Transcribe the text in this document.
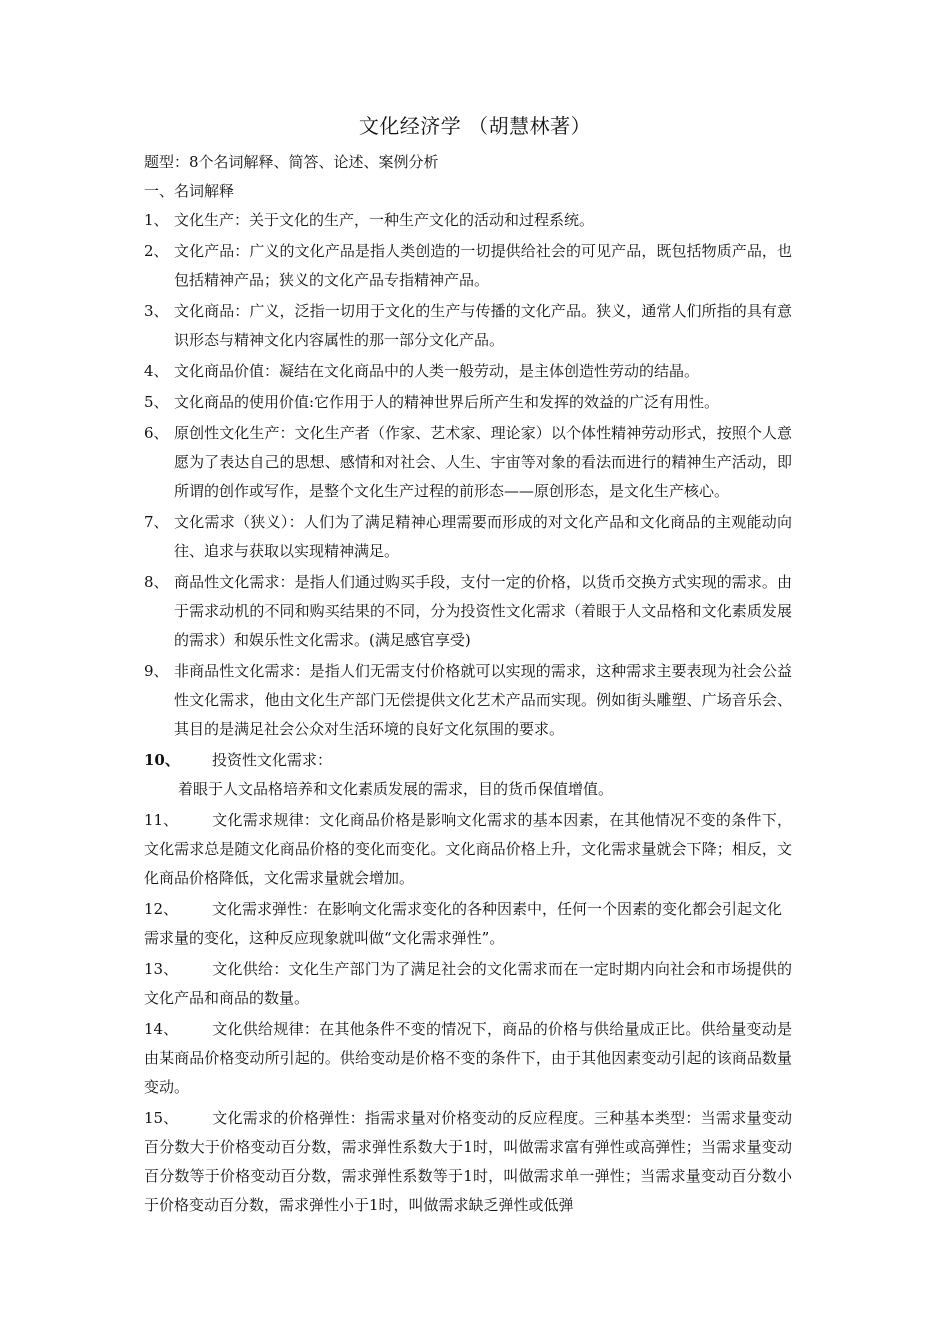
文化经济学 （胡慧林著）

题型：8个名词解释、简答、论述、案例分析

一、名词解释

1、 文化生产：关于文化的生产，一种生产文化的活动和过程系统。
2、 文化产品：广义的文化产品是指人类创造的一切提供给社会的可见产品，既包括物质产品，也包括精神产品；狭义的文化产品专指精神产品。
3、 文化商品：广义，泛指一切用于文化的生产与传播的文化产品。狭义，通常人们所指的具有意识形态与精神文化内容属性的那一部分文化产品。
4、 文化商品价值：凝结在文化商品中的人类一般劳动，是主体创造性劳动的结晶。
5、 文化商品的使用价值:它作用于人的精神世界后所产生和发挥的效益的广泛有用性。
6、 原创性文化生产：文化生产者（作家、艺术家、理论家）以个体性精神劳动形式，按照个人意愿为了表达自己的思想、感情和对社会、人生、宇宙等对象的看法而进行的精神生产活动，即所谓的创作或写作，是整个文化生产过程的前形态——原创形态，是文化生产核心。
7、 文化需求（狭义）：人们为了满足精神心理需要而形成的对文化产品和文化商品的主观能动向往、追求与获取以实现精神满足。
8、 商品性文化需求：是指人们通过购买手段，支付一定的价格，以货币交换方式实现的需求。由于需求动机的不同和购买结果的不同，分为投资性文化需求（着眼于人文品格和文化素质发展的需求）和娱乐性文化需求。(满足感官享受)
9、 非商品性文化需求：是指人们无需支付价格就可以实现的需求，这种需求主要表现为社会公益性文化需求，他由文化生产部门无偿提供文化艺术产品而实现。例如街头雕塑、广场音乐会、其目的是满足社会公众对生活环境的良好文化氛围的要求。
10、	投资性文化需求：

着眼于人文品格培养和文化素质发展的需求，目的货币保值增值。

11、 文化需求规律：文化商品价格是影响文化需求的基本因素，在其他情况不变的条件下，文化需求总是随文化商品价格的变化而变化。文化商品价格上升，文化需求量就会下降；相反，文化商品价格降低，文化需求量就会增加。

12、 文化需求弹性：在影响文化需求变化的各种因素中，任何一个因素的变化都会引起文化需求量的变化，这种反应现象就叫做“文化需求弹性”。

13、 文化供给：文化生产部门为了满足社会的文化需求而在一定时期内向社会和市场提供的文化产品和商品的数量。

14、 文化供给规律：在其他条件不变的情况下，商品的价格与供给量成正比。供给量变动是由某商品价格变动所引起的。供给变动是价格不变的条件下，由于其他因素变动引起的该商品数量变动。

15、 文化需求的价格弹性：指需求量对价格变动的反应程度。三种基本类型：当需求量变动百分数大于价格变动百分数，需求弹性系数大于1时，叫做需求富有弹性或高弹性；当需求量变动百分数等于价格变动百分数，需求弹性系数等于1时，叫做需求单一弹性；当需求量变动百分数小于价格变动百分数，需求弹性小于1时，叫做需求缺乏弹性或低弹
